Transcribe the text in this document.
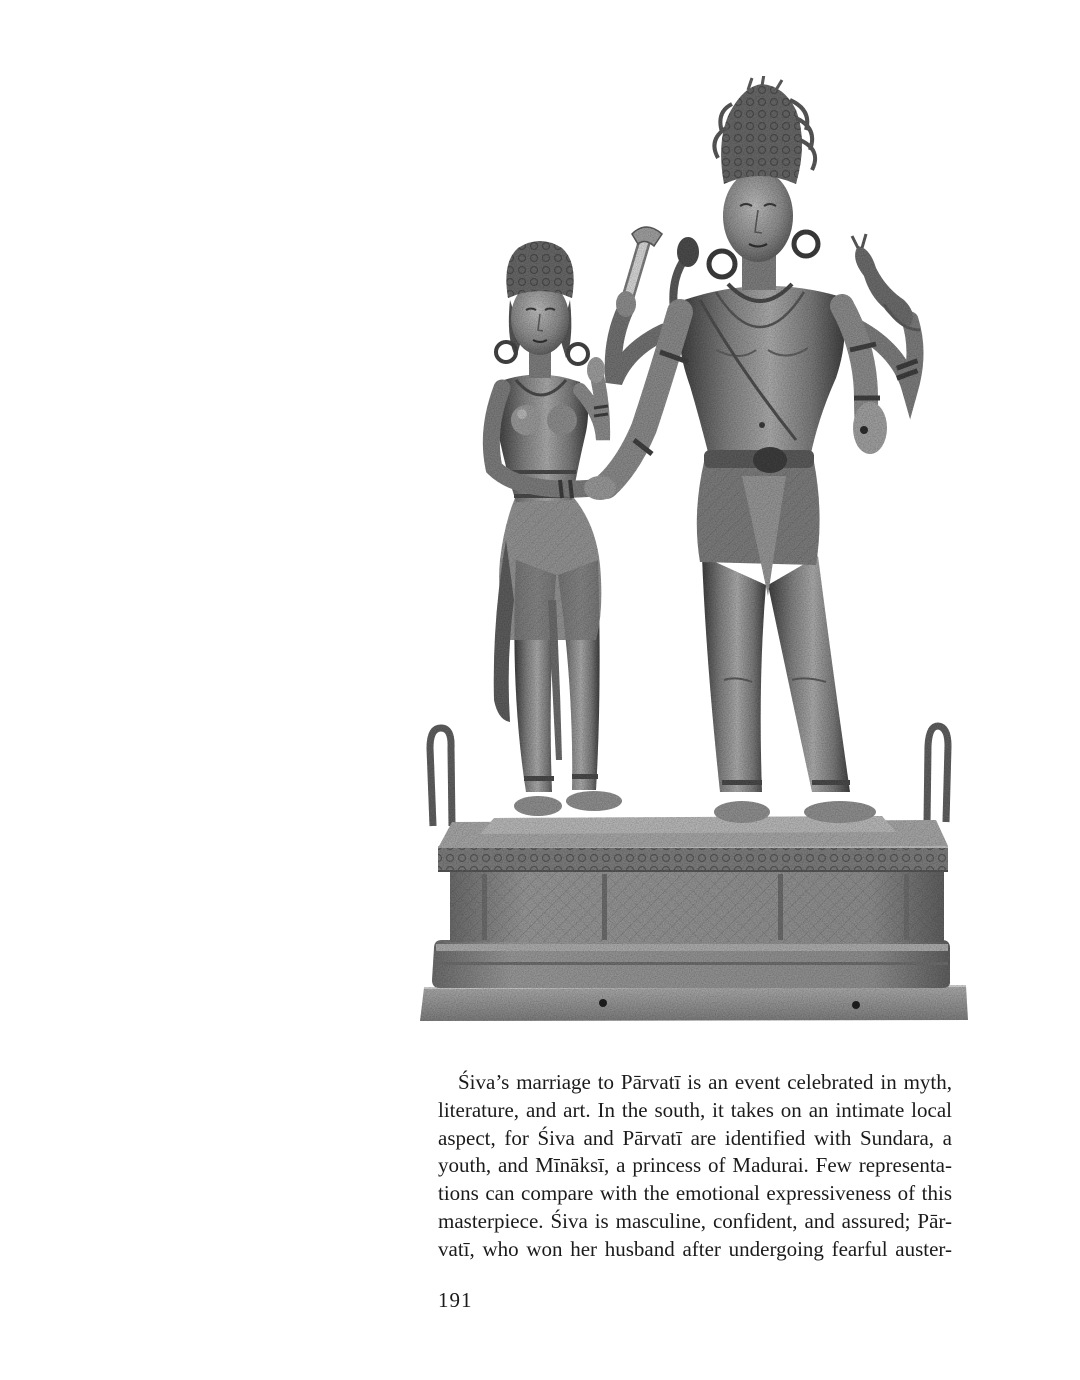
Śiva’s marriage to Pārvatī is an event celebrated in myth,
literature, and art. In the south, it takes on an intimate local
aspect, for Śiva and Pārvatī are identified with Sundara, a
youth, and Mīnāksī, a princess of Madurai. Few representa-
tions can compare with the emotional expressiveness of this
masterpiece. Śiva is masculine, confident, and assured; Pār-
vatī, who won her husband after undergoing fearful auster-
191
